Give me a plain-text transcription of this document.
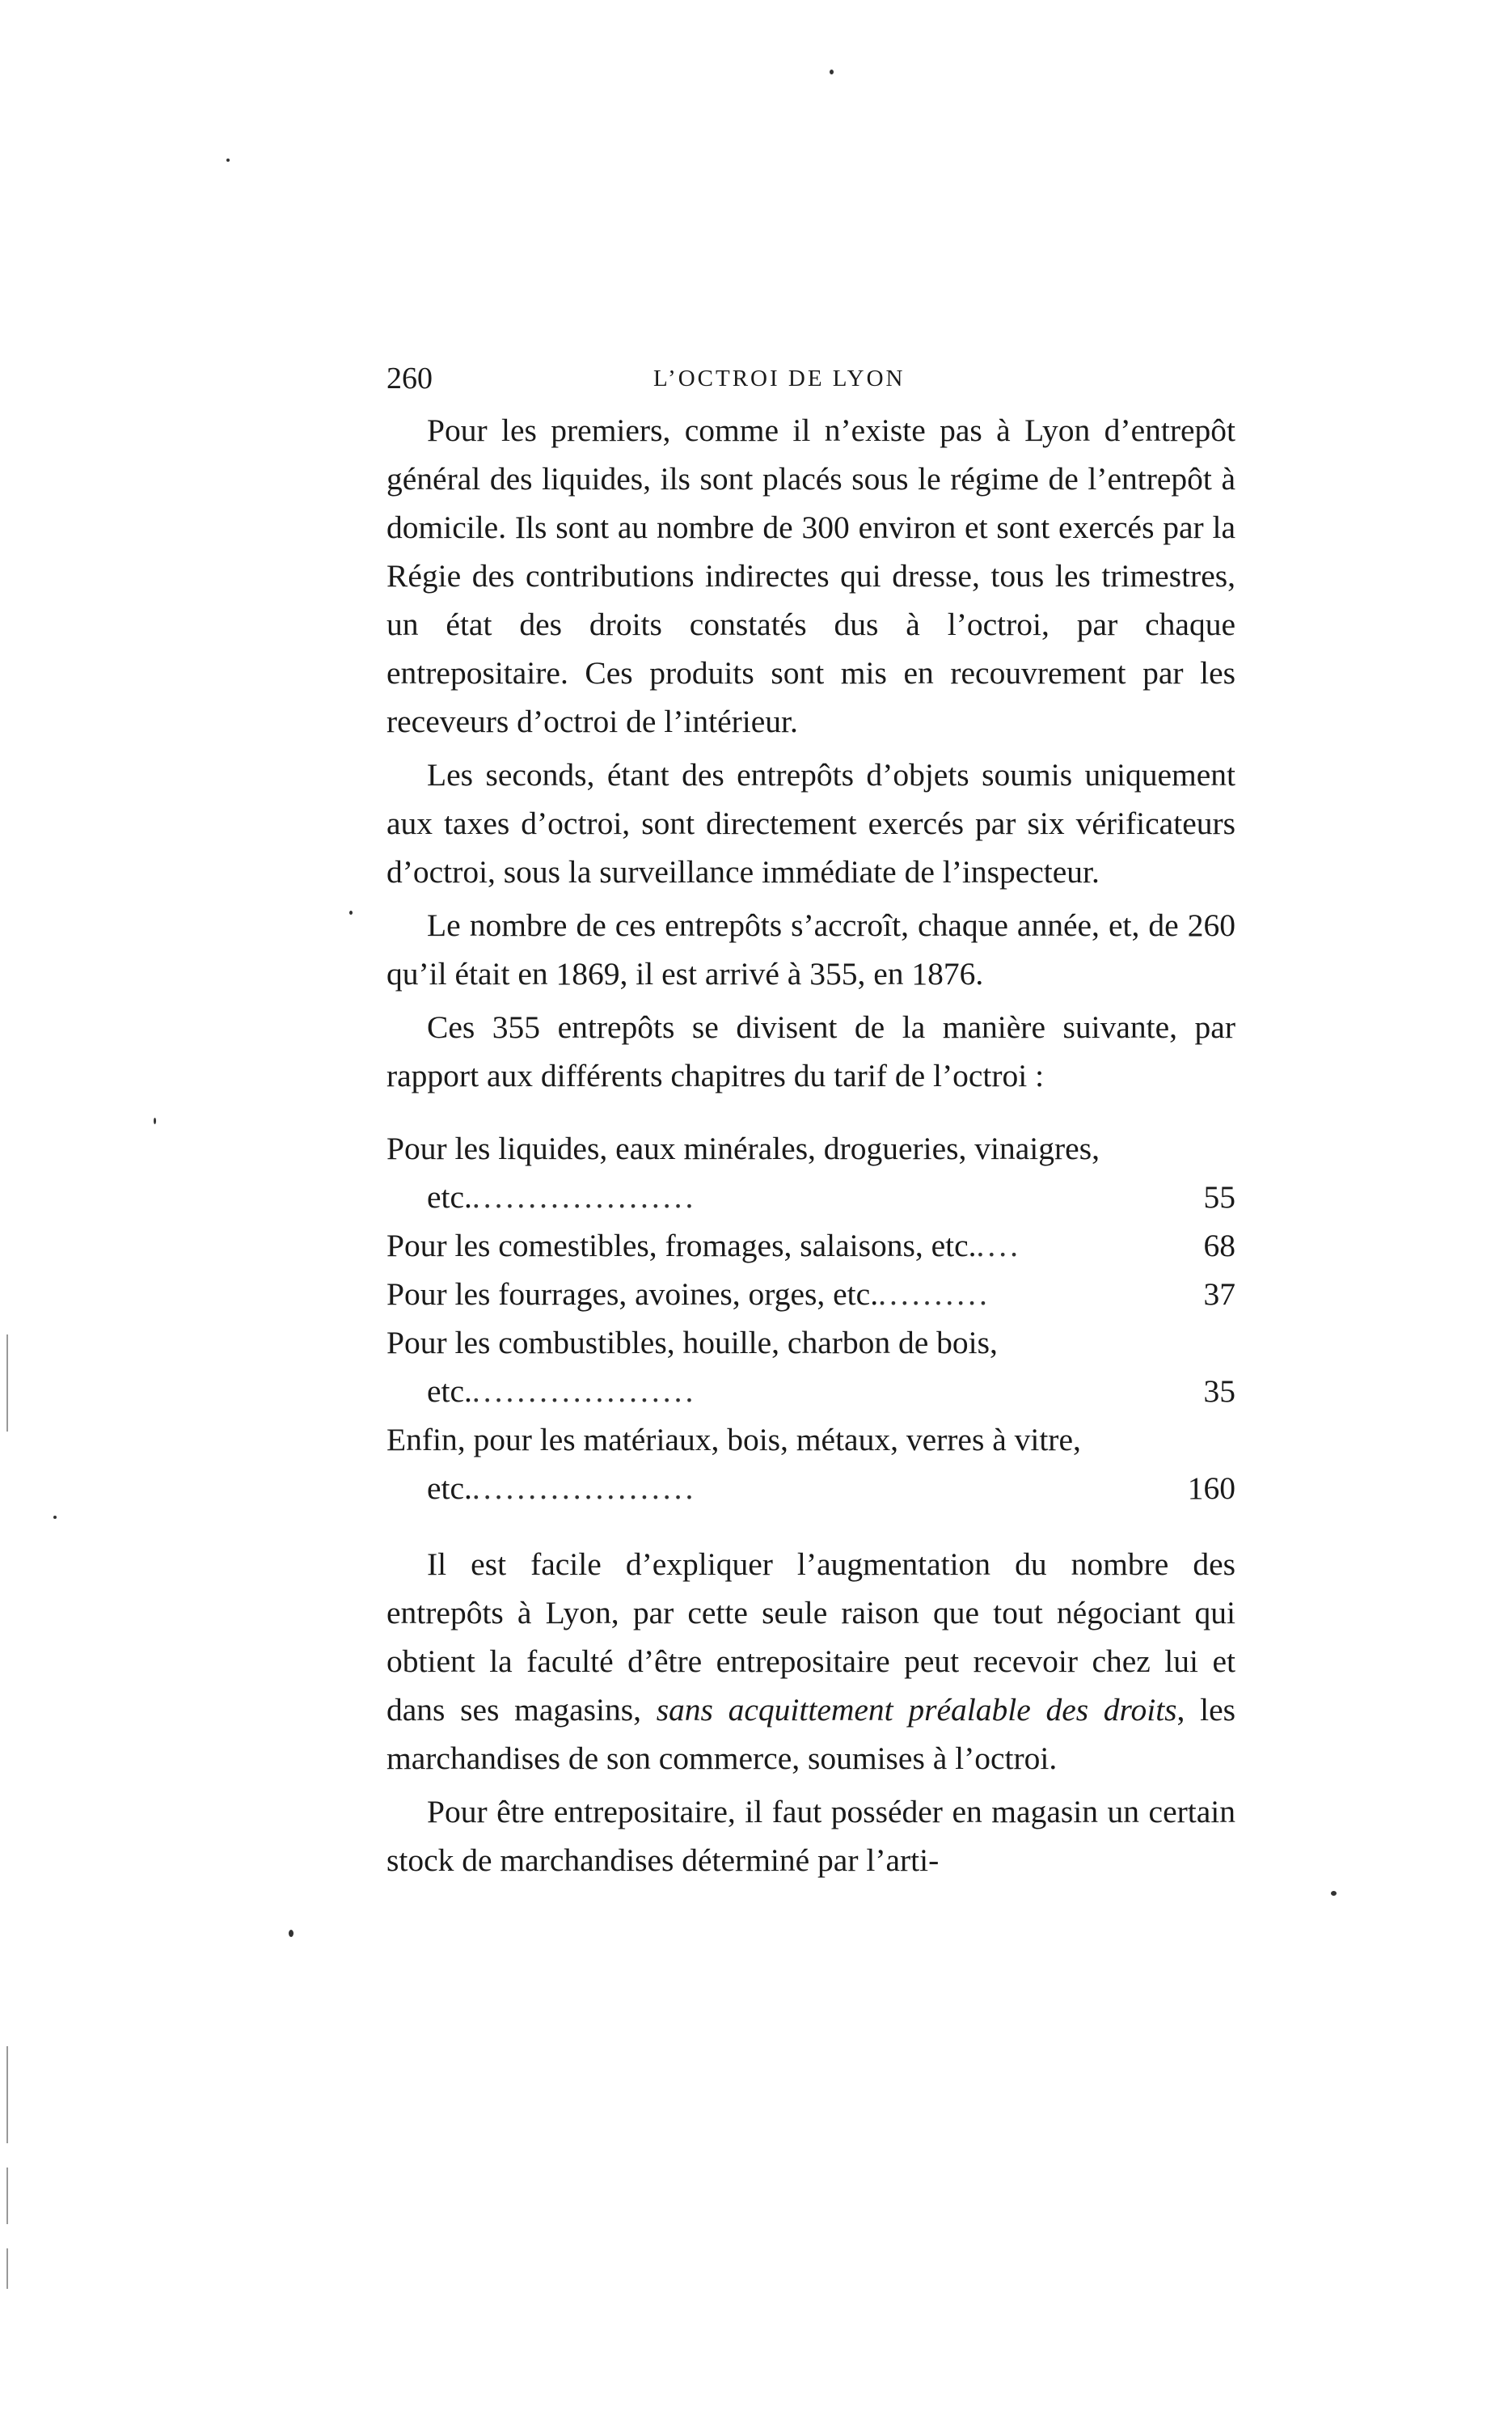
260	L’OCTROI DE LYON

Pour les premiers, comme il n’existe pas à Lyon d’entrepôt général des liquides, ils sont placés sous le régime de l’entrepôt à domicile. Ils sont au nombre de 300 environ et sont exercés par la Régie des contributions indirectes qui dresse, tous les trimestres, un état des droits constatés dus à l’octroi, par chaque entrepositaire. Ces produits sont mis en recouvrement par les receveurs d’octroi de l’intérieur.

Les seconds, étant des entrepôts d’objets soumis uniquement aux taxes d’octroi, sont directement exercés par six vérificateurs d’octroi, sous la surveillance immédiate de l’inspecteur.

Le nombre de ces entrepôts s’accroît, chaque année, et, de 260 qu’il était en 1869, il est arrivé à 355, en 1876.

Ces 355 entrepôts se divisent de la manière suivante, par rapport aux différents chapitres du tarif de l’octroi :

Pour les liquides, eaux minérales, drogueries, vinaigres, etc.....................	55
Pour les comestibles, fromages, salaisons, etc.....	68
Pour les fourrages, avoines, orges, etc...........	37
Pour les combustibles, houille, charbon de bois, etc.....................	35
Enfin, pour les matériaux, bois, métaux, verres à vitre, etc.....................	160

Il est facile d’expliquer l’augmentation du nombre des entrepôts à Lyon, par cette seule raison que tout négociant qui obtient la faculté d’être entrepositaire peut recevoir chez lui et dans ses magasins, sans acquittement préalable des droits, les marchandises de son commerce, soumises à l’octroi.

Pour être entrepositaire, il faut posséder en magasin un certain stock de marchandises déterminé par l’arti-
